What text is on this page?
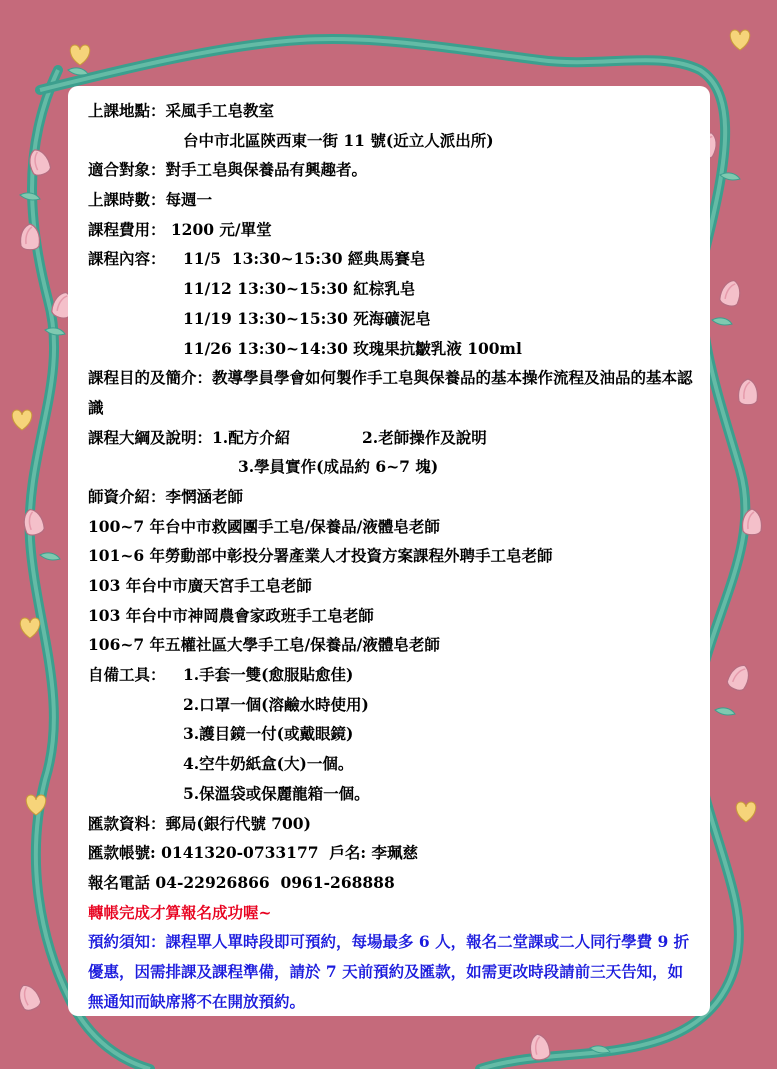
上課地點：采風手工皂教室
台中市北區陝西東一街 11 號(近立人派出所)
適合對象：對手工皂與保養品有興趣者。
上課時數：每週一
課程費用： 1200 元/單堂
課程內容： 11/5  13:30~15:30 經典馬賽皂
11/12 13:30~15:30 紅棕乳皂
11/19 13:30~15:30 死海礦泥皂
11/26 13:30~14:30 玫瑰果抗皺乳液 100ml
課程目的及簡介：教導學員學會如何製作手工皂與保養品的基本操作流程及油品的基本認識
課程大綱及說明：1.配方介紹	2.老師操作及說明
3.學員實作(成品約 6~7 塊)
師資介紹：李惘涵老師
100~7 年台中市救國團手工皂/保養品/液體皂老師
101~6 年勞動部中彰投分署產業人才投資方案課程外聘手工皂老師
103 年台中市廣天宮手工皂老師
103 年台中市神岡農會家政班手工皂老師
106~7 年五權社區大學手工皂/保養品/液體皂老師
自備工具： 1.手套一雙(愈服貼愈佳)
2.口罩一個(溶鹼水時使用)
3.護目鏡一付(或戴眼鏡)
4.空牛奶紙盒(大)一個。
5.保溫袋或保麗龍箱一個。
匯款資料：郵局(銀行代號 700)
匯款帳號: 0141320-0733177  戶名: 李珮慈
報名電話 04-22926866  0961-268888
轉帳完成才算報名成功喔~
預約須知：課程單人單時段即可預約，每場最多 6 人，報名二堂課或二人同行學費 9 折優惠，因需排課及課程準備，請於 7 天前預約及匯款，如需更改時段請前三天告知，如無通知而缺席將不在開放預約。
